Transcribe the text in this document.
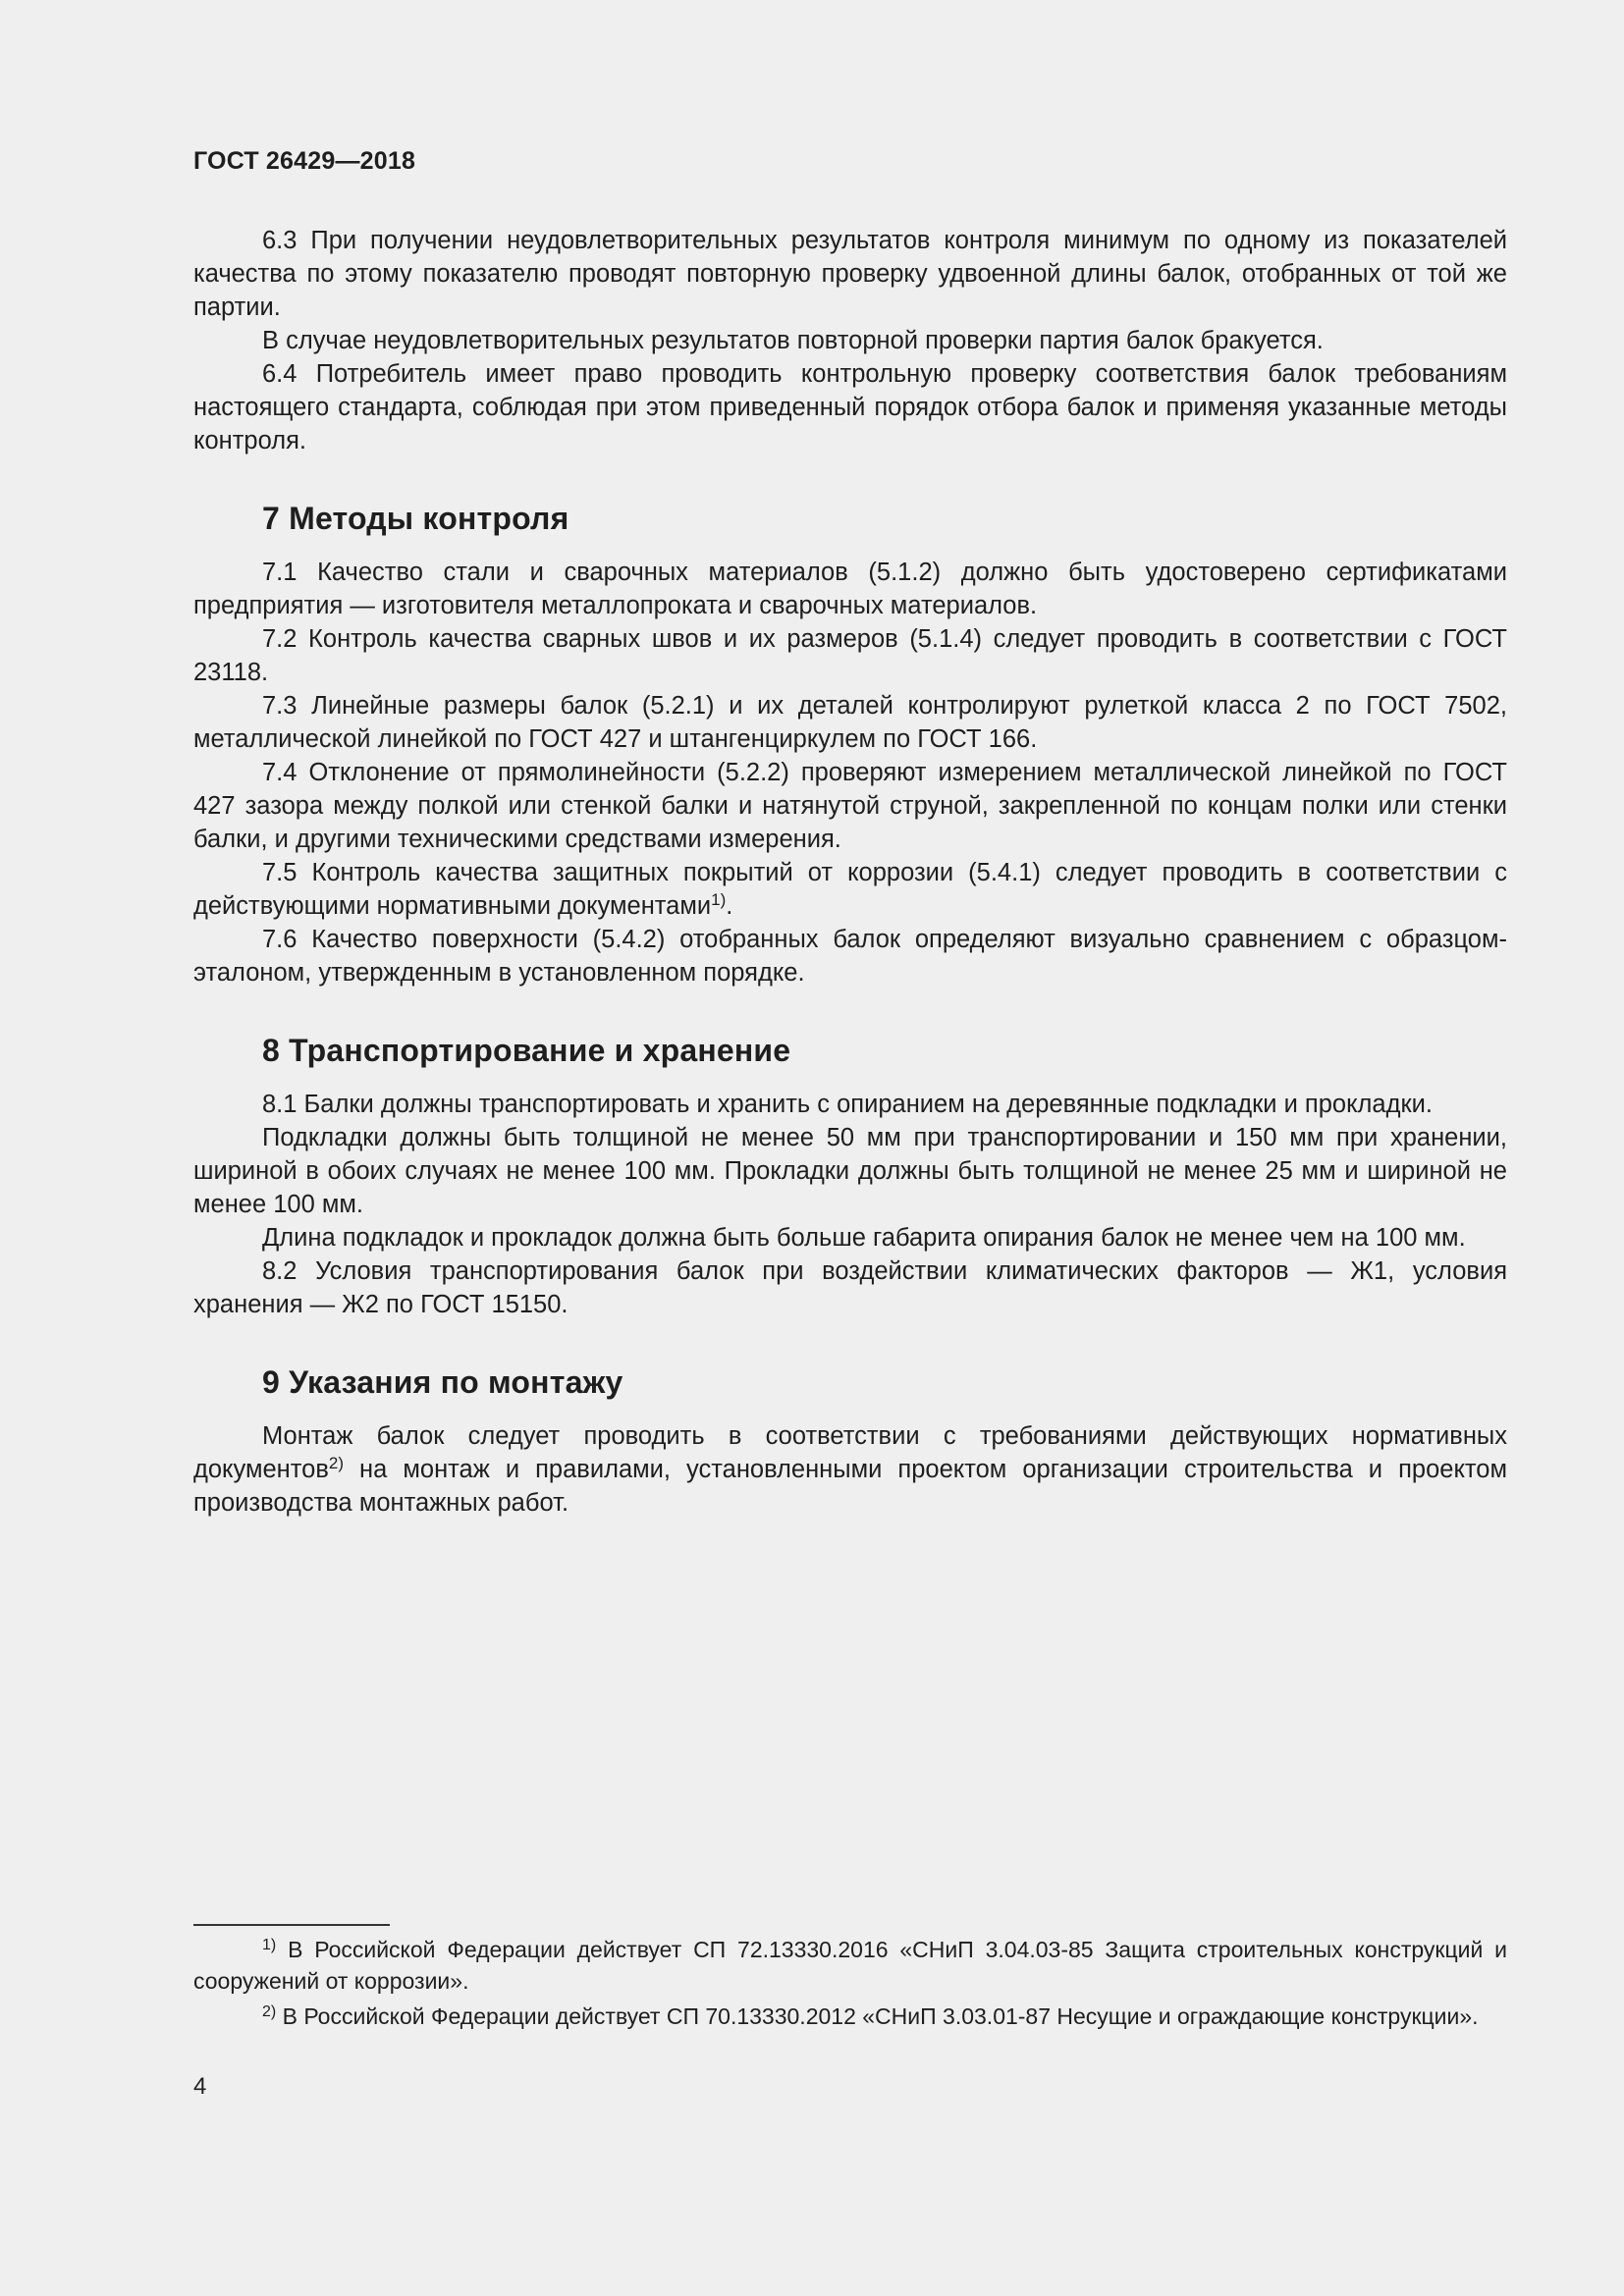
ГОСТ 26429—2018

6.3 При получении неудовлетворительных результатов контроля минимум по одному из показателей качества по этому показателю проводят повторную проверку удвоенной длины балок, отобранных от той же партии.

В случае неудовлетворительных результатов повторной проверки партия балок бракуется.

6.4 Потребитель имеет право проводить контрольную проверку соответствия балок требованиям настоящего стандарта, соблюдая при этом приведенный порядок отбора балок и применяя указанные методы контроля.

7 Методы контроля

7.1 Качество стали и сварочных материалов (5.1.2) должно быть удостоверено сертификатами предприятия — изготовителя металлопроката и сварочных материалов.

7.2 Контроль качества сварных швов и их размеров (5.1.4) следует проводить в соответствии с ГОСТ 23118.

7.3 Линейные размеры балок (5.2.1) и их деталей контролируют рулеткой класса 2 по ГОСТ 7502, металлической линейкой по ГОСТ 427 и штангенциркулем по ГОСТ 166.

7.4 Отклонение от прямолинейности (5.2.2) проверяют измерением металлической линейкой по ГОСТ 427 зазора между полкой или стенкой балки и натянутой струной, закрепленной по концам полки или стенки балки, и другими техническими средствами измерения.

7.5 Контроль качества защитных покрытий от коррозии (5.4.1) следует проводить в соответствии с действующими нормативными документами$^{1)}$.

7.6 Качество поверхности (5.4.2) отобранных балок определяют визуально сравнением с образцом-эталоном, утвержденным в установленном порядке.

8 Транспортирование и хранение

8.1 Балки должны транспортировать и хранить с опиранием на деревянные подкладки и прокладки.

Подкладки должны быть толщиной не менее 50 мм при транспортировании и 150 мм при хранении, шириной в обоих случаях не менее 100 мм. Прокладки должны быть толщиной не менее 25 мм и шириной не менее 100 мм.

Длина подкладок и прокладок должна быть больше габарита опирания балок не менее чем на 100 мм.

8.2 Условия транспортирования балок при воздействии климатических факторов — Ж1, условия хранения — Ж2 по ГОСТ 15150.

9 Указания по монтажу

Монтаж балок следует проводить в соответствии с требованиями действующих нормативных документов$^{2)}$ на монтаж и правилами, установленными проектом организации строительства и проектом производства монтажных работ.

$^{1)}$ В Российской Федерации действует СП 72.13330.2016 «СНиП 3.04.03-85 Защита строительных конструкций и сооружений от коррозии».

$^{2)}$ В Российской Федерации действует СП 70.13330.2012 «СНиП 3.03.01-87 Несущие и ограждающие конструкции».

4
